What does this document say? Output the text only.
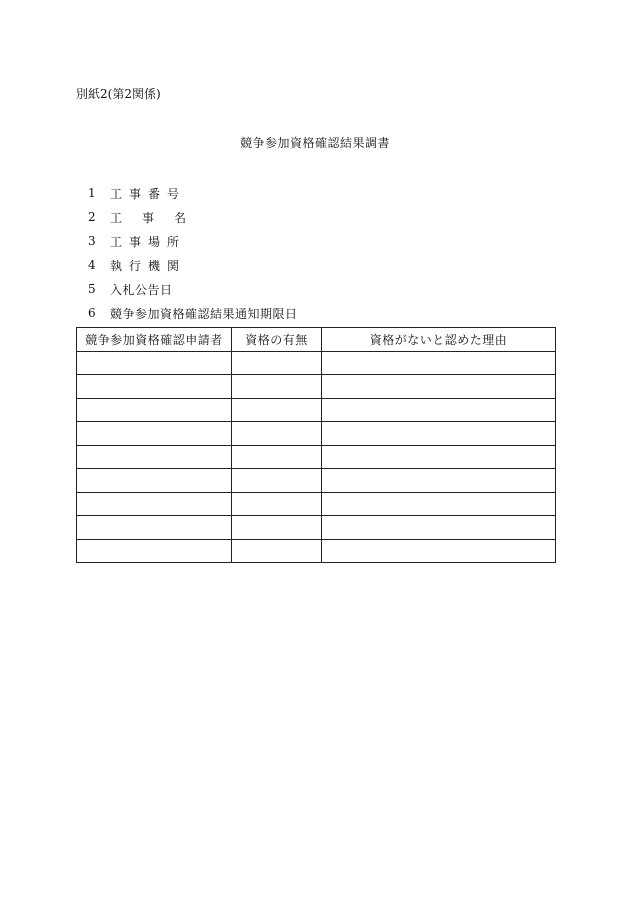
別紙2(第2関係)
競争参加資格確認結果調書
1	工事番号
2	工事名
3	工事場所
4	執行機関
5	入札公告日
6	競争参加資格確認結果通知期限日
競争参加資格確認申請者	資格の有無	資格がないと認めた理由
